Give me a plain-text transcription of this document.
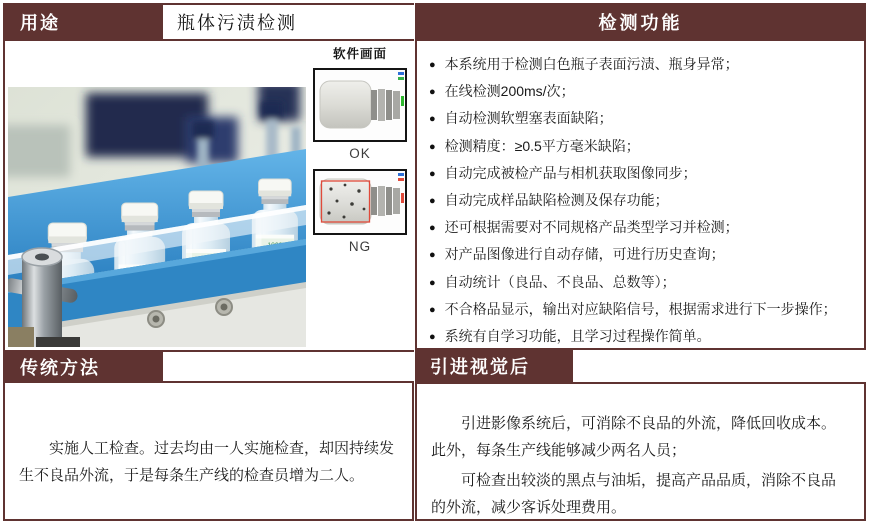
用途	瓶体污渍检测
软件画面
OK
NG
传统方法

实施人工检查。过去均由一人实施检查，却因持续发生不良品外流，于是每条生产线的检查员增为二人。

检测功能
● 本系统用于检测白色瓶子表面污渍、瓶身异常；
● 在线检测200ms/次；
● 自动检测软塑塞表面缺陷；
● 检测精度：≥0.5平方毫米缺陷；
● 自动完成被检产品与相机获取图像同步；
● 自动完成样品缺陷检测及保存功能；
● 还可根据需要对不同规格产品类型学习并检测；
● 对产品图像进行自动存储，可进行历史查询；
● 自动统计（良品、不良品、总数等）；
● 不合格品显示，输出对应缺陷信号，根据需求进行下一步操作；
● 系统有自学习功能，且学习过程操作简单。
引进视觉后

引进影像系统后，可消除不良品的外流，降低回收成本。此外，每条生产线能够减少两名人员；

可检查出较淡的黑点与油垢，提高产品品质，消除不良品的外流，减少客诉处理费用。
